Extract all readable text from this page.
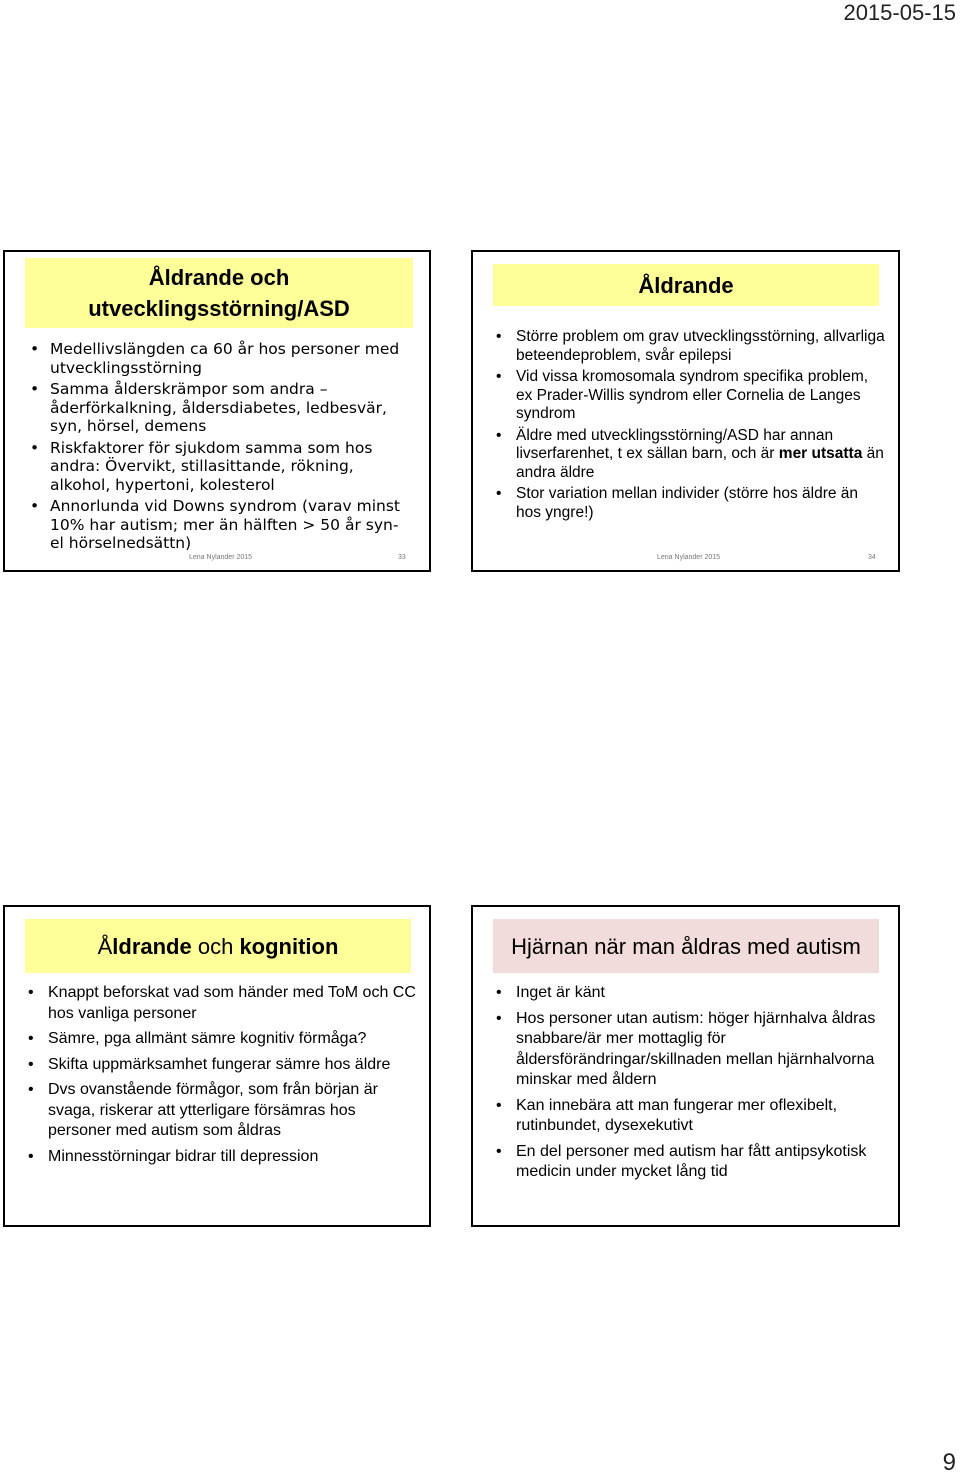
2015-05-15
Åldrande och
utvecklingsstörning/ASD
• Medellivslängden ca 60 år hos personer med utvecklingsstörning
• Samma ålderskrämpor som andra – åderförkalkning, åldersdiabetes, ledbesvär, syn, hörsel, demens
• Riskfaktorer för sjukdom samma som hos andra: Övervikt, stillasittande, rökning, alkohol, hypertoni, kolesterol
• Annorlunda vid Downs syndrom (varav minst 10% har autism; mer än hälften > 50 år syn- el hörselnedsättn)
Lena Nylander 2015	33
Åldrande
• Större problem om grav utvecklingsstörning, allvarliga beteendeproblem, svår epilepsi
• Vid vissa kromosomala syndrom specifika problem, ex Prader-Willis syndrom eller Cornelia de Langes syndrom
• Äldre med utvecklingsstörning/ASD har annan livserfarenhet, t ex sällan barn, och är mer utsatta än andra äldre
• Stor variation mellan individer (större hos äldre än hos yngre!)
Lena Nylander 2015	34
Å ldrande och kognition
• Knappt beforskat vad som händer med ToM och CC hos vanliga personer
• Sämre, pga allmänt sämre kognitiv förmåga?
• Skifta uppmärksamhet fungerar sämre hos äldre
• Dvs ovanstående förmågor, som från början är svaga, riskerar att ytterligare försämras hos personer med autism som åldras
• Minnesstörningar bidrar till depression
Hjärnan när man åldras med autism
• Inget är känt
• Hos personer utan autism: höger hjärnhalva åldras snabbare/är mer mottaglig för åldersförändringar/skillnaden mellan hjärnhalvorna minskar med åldern
• Kan innebära att man fungerar mer oflexibelt, rutinbundet, dysexekutivt
• En del personer med autism har fått antipsykotisk medicin under mycket lång tid
9
